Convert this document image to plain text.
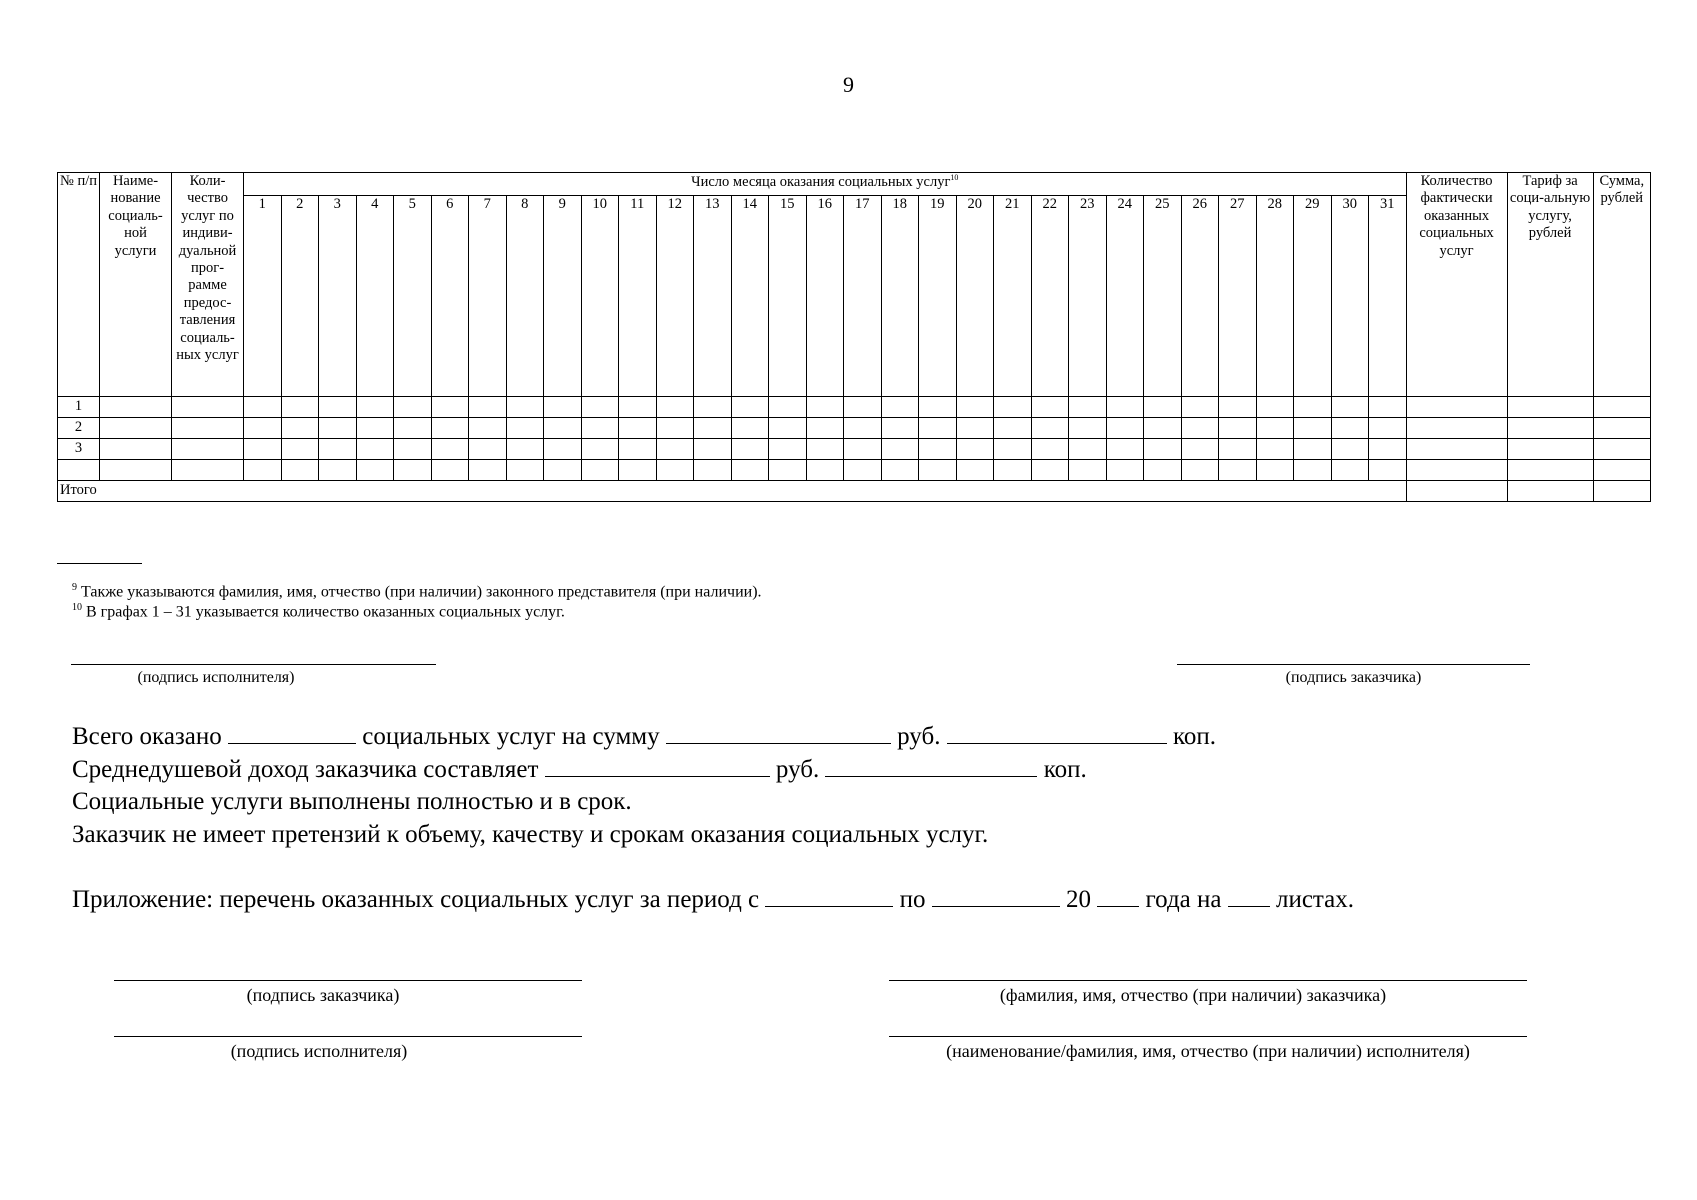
9
№ п/п	Наиме-нование социаль-ной услуги	Коли-чество услуг по индиви-дуальной прог-рамме предос-тавления социаль-ных услуг	Число месяца оказания социальных услуг$^{10}$																															Количество фактически оказанных социальных услуг	Тариф за соци-альную услугу, рублей	Сумма, рублей
			1	2	3	4	5	6	7	8	9	10	11	12	13	14	15	16	17	18	19	20	21	22	23	24	25	26	27	28	29	30	31			
1																																				
2																																				
3																																				

Итого																																				
$^9$ Также указываются фамилия, имя, отчество (при наличии) законного представителя (при наличии).
$^{10}$ В графах 1 – 31 указывается количество оказанных социальных услуг.
(подпись исполнителя)	(подпись заказчика)
Всего оказано	социальных услуг на сумму	руб.	коп.
Среднедушевой доход заказчика составляет	руб.	коп.
Социальные услуги выполнены полностью и в срок.
Заказчик не имеет претензий к объему, качеству и срокам оказания социальных услуг.
Приложение: перечень оказанных социальных услуг за период с	по	20  года на  листах.
(подпись заказчика)	(фамилия, имя, отчество (при наличии) заказчика)
(подпись исполнителя)	(наименование/фамилия, имя, отчество (при наличии) исполнителя)
